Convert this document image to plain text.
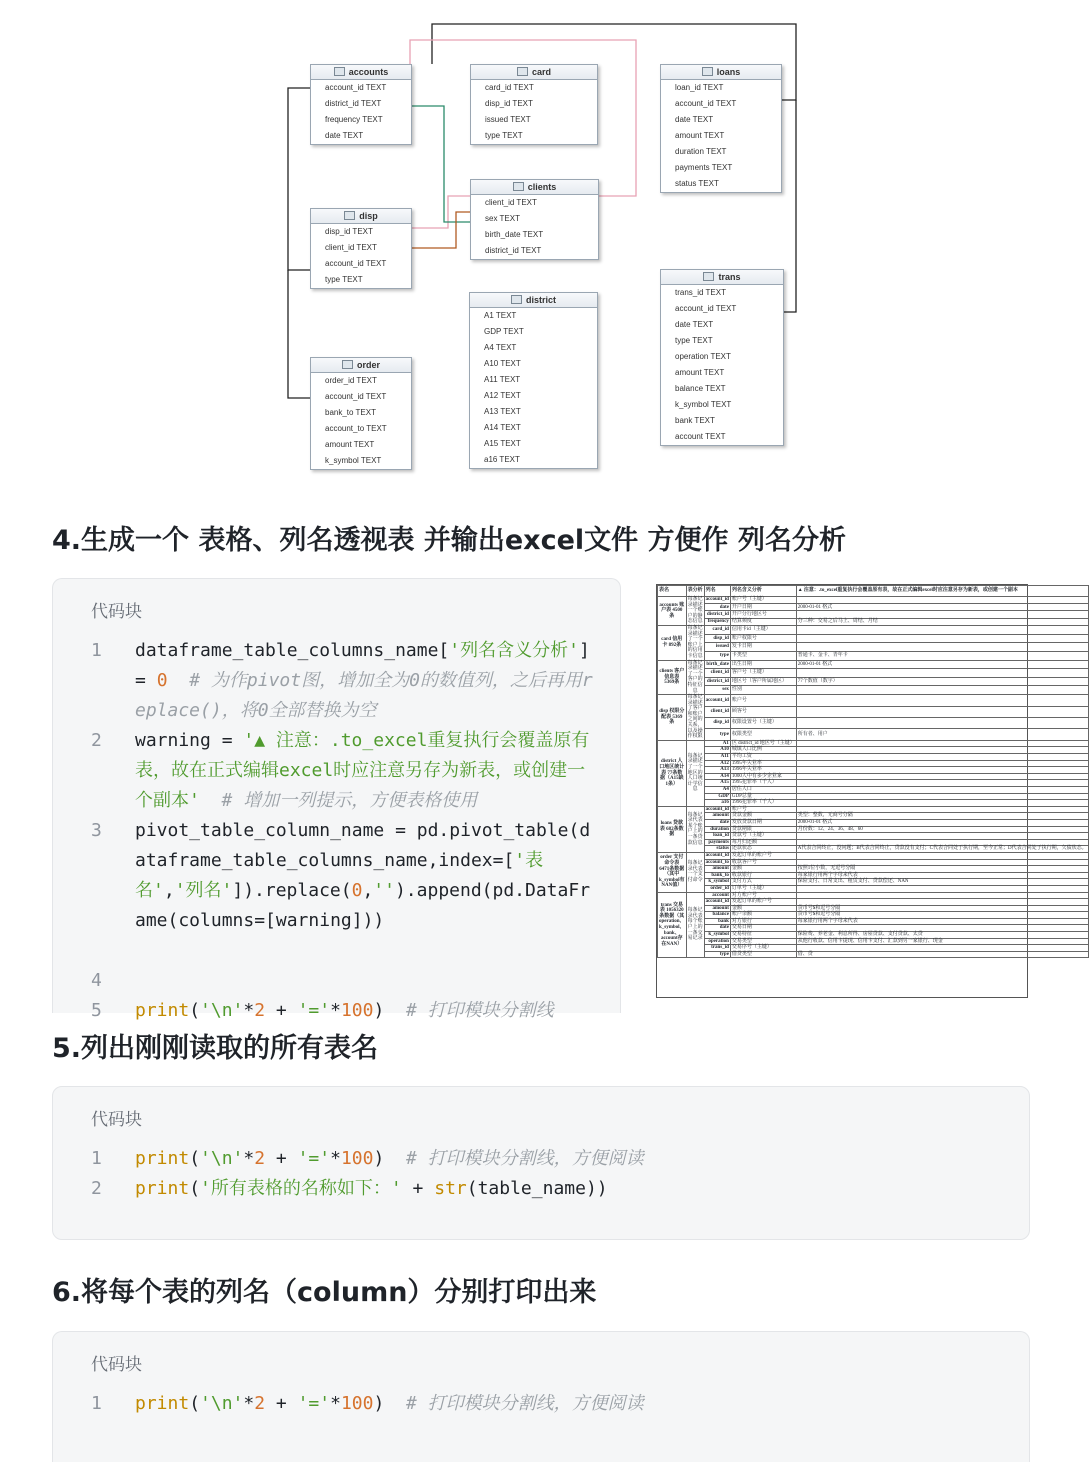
accounts
account_id TEXT
district_id TEXT
frequency TEXT
date TEXT
card
card_id TEXT
disp_id TEXT
issued TEXT
type TEXT
loans
loan_id TEXT
account_id TEXT
date TEXT
amount TEXT
duration TEXT
payments TEXT
status TEXT
clients
client_id TEXT
sex TEXT
birth_date TEXT
district_id TEXT
disp
disp_id TEXT
client_id TEXT
account_id TEXT
type TEXT	trans
trans_id TEXT
account_id TEXT
date TEXT
type TEXT
operation TEXT
amount TEXT
balance TEXT
k_symbol TEXT
bank TEXT
account TEXT
district
A1 TEXT
GDP TEXT
A4 TEXT
A10 TEXT
A11 TEXT
A12 TEXT
A13 TEXT
A14 TEXT
A15 TEXT
a16 TEXT
order
order_id TEXT
account_id TEXT
bank_to TEXT
account_to TEXT
amount TEXT
k_symbol TEXT
4.生成一个 表格、列名透视表 并输出excel文件 方便作 列名分析
代码块
1	dataframe_table_columns_name['列名含义分析'] = 0 # 为作pivot图，增加全为0的数值列，之后再用replace()，将0全部替换为空
2	warning = '▲ 注意：.to_excel重复执行会覆盖原有表，故在正式编辑excel时应注意另存为新表，或创建一个副本' # 增加一列提示，方便表格使用
3	pivot_table_column_name = pd.pivot_table(dataframe_table_columns_name,index=['表名','列名']).replace(0,'').append(pd.DataFrame(columns=[warning]))
4
5	print('\n'*2 + '='*100)  # 打印模块分割线
表名	表分析	列名	列名含义分析	▲ 注意：.to_excel重复执行会覆盖原有表，故在正式编辑excel时应注意另存为新表，或创建一个副本
accounts 账户表 4500条	每条记录描述一个账户的静态信息	account_id	账户号（主键）	
		date	开户日期	2000-01-01 格式
		district_id	开户分行地区号	
		frequency	结算频度	分三种：交易之后马上、周结、月结
card 信用卡 892条	每条记录描述了一个账户上的信用卡信息	card_id	信用卡id（主键）	
		disp_id	账户权限号	
		issued	发卡日期	
		type	卡类型	普通卡、金卡、青年卡
clients 客户信息表 5369条	每条记录描述了一个客户的特征信息	birth_date	出生日期	2000-01-01 格式
		client_id	客户号（主键）	
		district_id	地区号（客户所属地区）	77个数值（数字）
		sex	性别	
disp 权限分配表 5369条	每条记录描述了客户和账户之间的关系，以及操作权限	account_id	账户号	
		client_id	顾客号	
		disp_id	权限设置号（主键）	
		type	权限类型	所有者、用户
district 人口地区统计表 77条数据（A15缺1条）	每条记录描述了一个地区的人口统计学信息	A1	区 district_id 地区号（主键）	
		A10	城镇人口比例	
		A11	平均工资	
		A12	1995年失业率	
		A13	1996年失业率	
		A14	1000人中有多少企业家	
		A15	1995犯罪率（千人）	
		A4	居住人口	
		GDP	GDP总量	
		a16	1996犯罪率（千人）	
loans 贷款表 682条数据	每条记录代表某个账户上的一条贷款信息	account_id	账户号	
		amount	贷款金额	类型：整数，无商号分隔
		date	发放贷款日期	2000-01-01 格式
		duration	贷款期限	月份数：12、24、36、48、60
		loan_id	贷款号（主键）	
		payments	每月归还额	
		status	还款状态	A代表合同终止，没问题；B代表合同终止，贷款没有支付；C代表合同处于执行期，至今正常；D代表合同处于执行期，欠债状态。
order 支付命令表 6471条数据（其中k_symbol有NAN值）	每条记录代表一个支付命令	account_id	发起订单的账户号	
		account_to	收款客户号	
		amount	金额	按照1位小数，无逗号分隔
		bank_to	收款银行	每家银行用两个字母来代表
		k_symbol	支付方式	保险支付、日常支出、租赁支付、贷款偿还、NAN
		order_id	订单号（主键）	
trans 交易表 1056320条数据（其operation、k_symbol、bank、account存在NAN）	每条记录代表每个账户上的一条交易记录	account	对方账户号	
		account_id	发起订单的账户号	
		amount	金额	货币号$和逗号分隔
		balance	账户余额	货币号$和逗号分隔
		bank	对方银行	每家银行用两个字母来代表
		date	交易日期	
		k_symbol	交易特征	保险费、养老金、利息所得、房屋贷款、支付贷款、太贷
		operation	交易类型	从他行收款、信用卡提现、信用卡支付、汇款到另一家银行、现金
		trans_id	交易序号（主键）	
		type	借贷类型	借、贷
5.列出刚刚读取的所有表名
代码块
1	print('\n'*2 + '='*100)  # 打印模块分割线，方便阅读
2	print('所有表格的名称如下：' + str(table_name))
6.将每个表的列名（column）分别打印出来
代码块
1	print('\n'*2 + '='*100)  # 打印模块分割线，方便阅读
